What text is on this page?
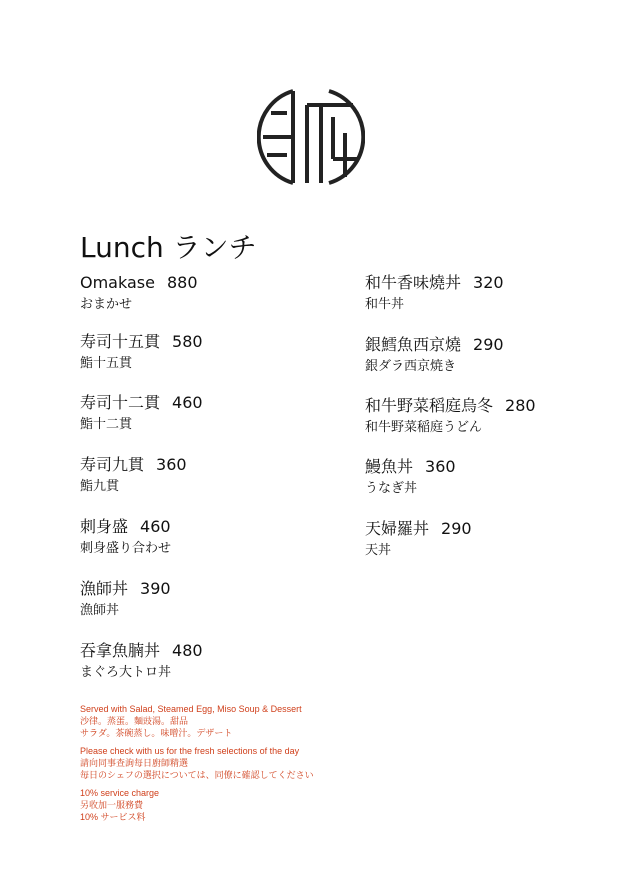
Lunch ランチ
Omakase 880
おまかせ
寿司十五貫 580
鮨十五貫
寿司十二貫 460
鮨十二貫
寿司九貫 360
鮨九貫
刺身盛 460
刺身盛り合わせ
漁師丼 390
漁師丼
吞拿魚腩丼 480
まぐろ大トロ丼
和牛香味燒丼 320
和牛丼
銀鱈魚西京燒 290
銀ダラ西京焼き
和牛野菜稻庭烏冬 280
和牛野菜稲庭うどん
鰻魚丼 360
うなぎ丼
天婦羅丼 290
天丼
Served with Salad, Steamed Egg, Miso Soup & Dessert
沙律。蒸蛋。麵豉湯。甜品
サラダ。茶碗蒸し。味噌汁。デザート
Please check with us for the fresh selections of the day
請向同事查詢每日廚師精選
毎日のシェフの選択については、同僚に確認してください
10% service charge
另收加一服務費
10% サービス料
